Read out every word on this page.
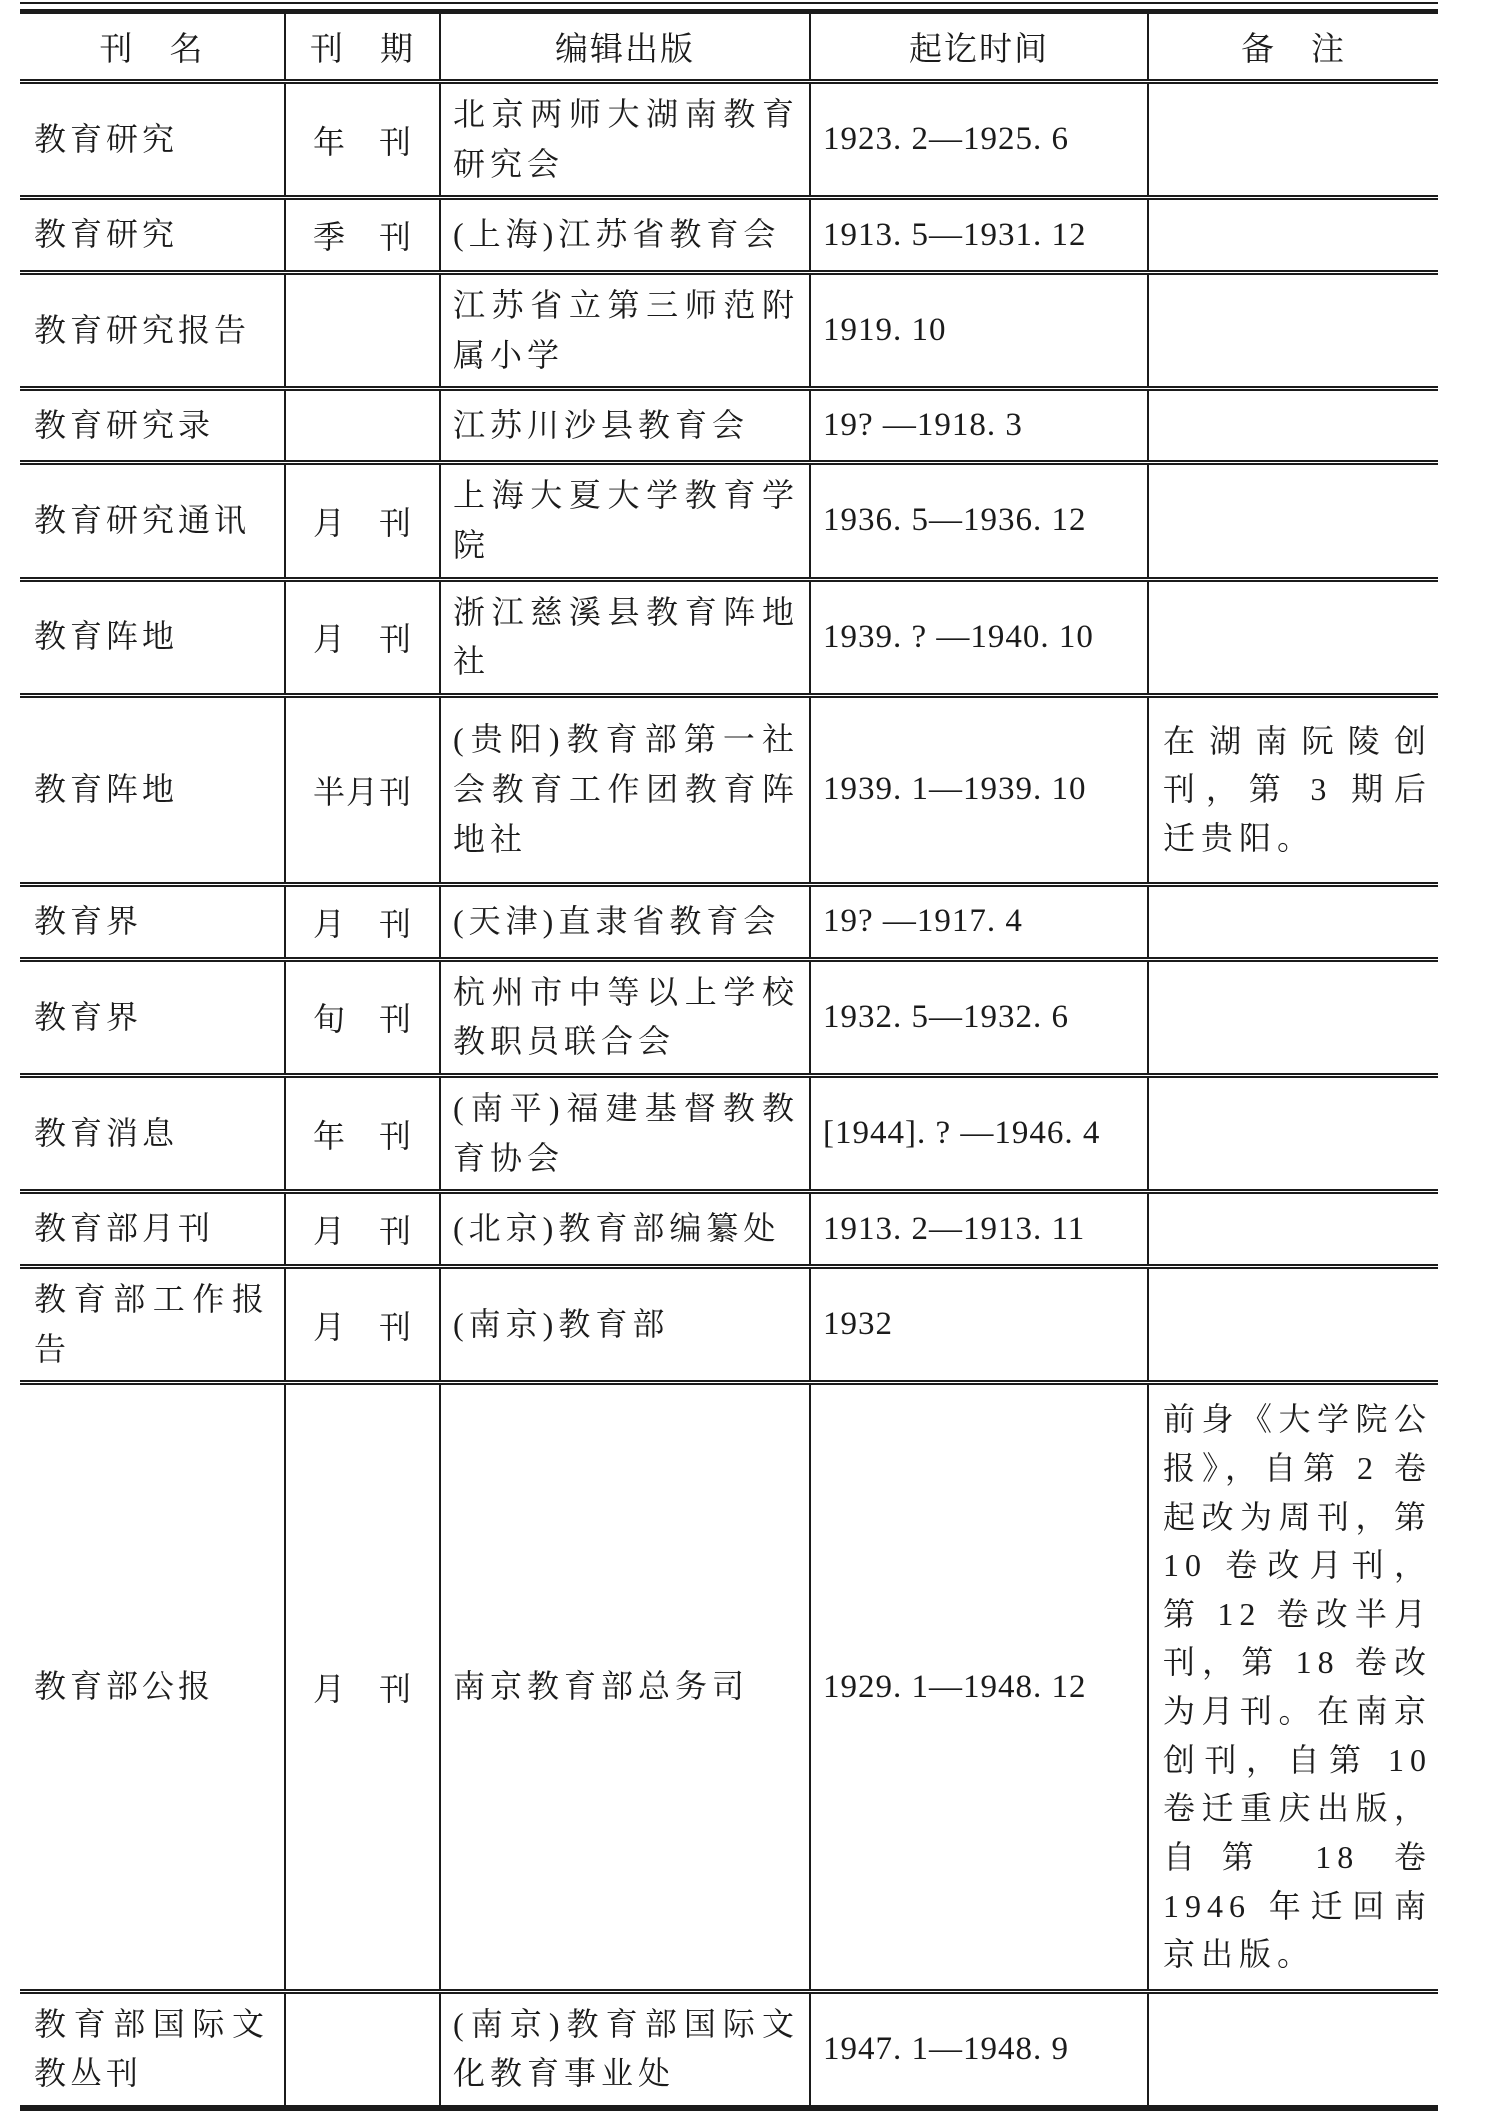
刊　名	刊　期	编辑出版	起讫时间	备　注
教育研究	年　刊	北京两师大湖南教育研究会	1923. 2—1925. 6	
教育研究	季　刊	(上海)江苏省教育会	1913. 5—1931. 12	
教育研究报告		江苏省立第三师范附属小学	1919. 10	
教育研究录		江苏川沙县教育会	19? —1918. 3	
教育研究通讯	月　刊	上海大夏大学教育学院	1936. 5—1936. 12	
教育阵地	月　刊	浙江慈溪县教育阵地社	1939. ? —1940. 10	
教育阵地	半月刊	(贵阳)教育部第一社会教育工作团教育阵地社	1939. 1—1939. 10	在湖南阮陵创刊，第 3 期后迁贵阳。
教育界	月　刊	(天津)直隶省教育会	19? —1917. 4	
教育界	旬　刊	杭州市中等以上学校教职员联合会	1932. 5—1932. 6	
教育消息	年　刊	(南平)福建基督教教育协会	[1944]. ? —1946. 4	
教育部月刊	月　刊	(北京)教育部编纂处	1913. 2—1913. 11	
教育部工作报告	月　刊	(南京)教育部	1932	
教育部公报	月　刊	南京教育部总务司	1929. 1—1948. 12	前身《大学院公报》，自第 2 卷起改为周刊，第 10 卷改月刊，第 12 卷改半月刊，第 18 卷改为月刊。在南京创刊，自第 10 卷迁重庆出版，自第 18 卷 1946 年迁回南京出版。
教育部国际文教丛刊		(南京)教育部国际文化教育事业处	1947. 1—1948. 9	
